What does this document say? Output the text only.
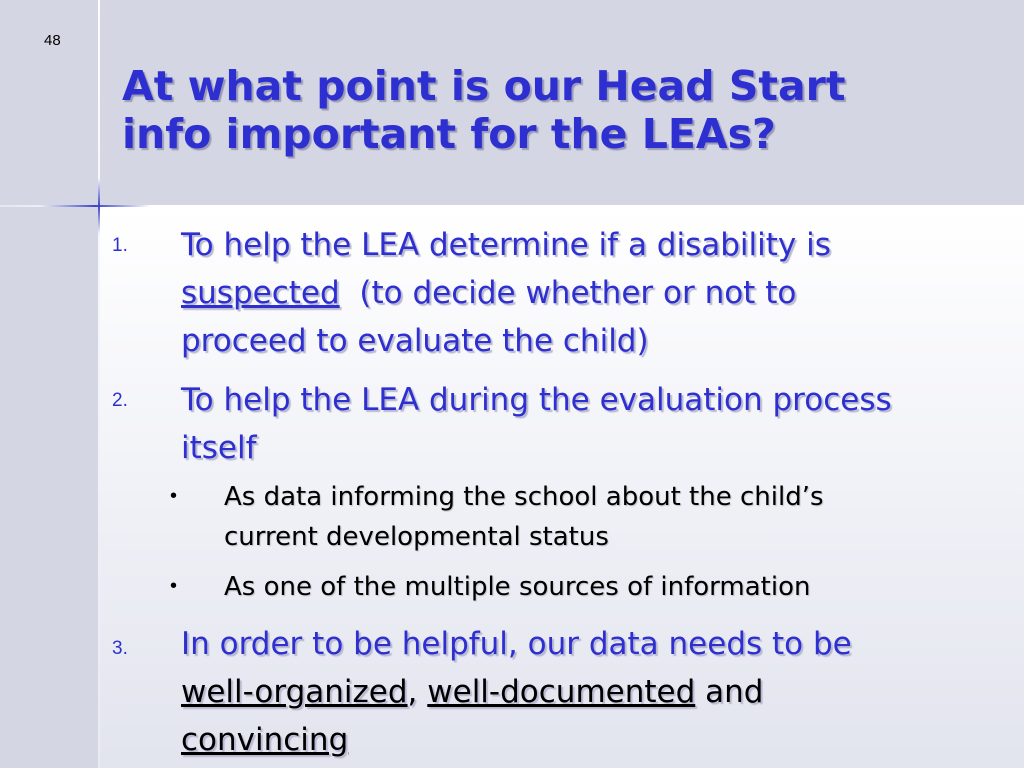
48
At what point is our Head Start
info important for the LEAs?
1. To help the LEA determine if a disability is
suspected (to decide whether or not to
proceed to evaluate the child)

2. To help the LEA during the evaluation process
itself

• As data informing the school about the child’s
current developmental status

• As one of the multiple sources of information

3. In order to be helpful, our data needs to be
well-organized, well-documented and
convincing
